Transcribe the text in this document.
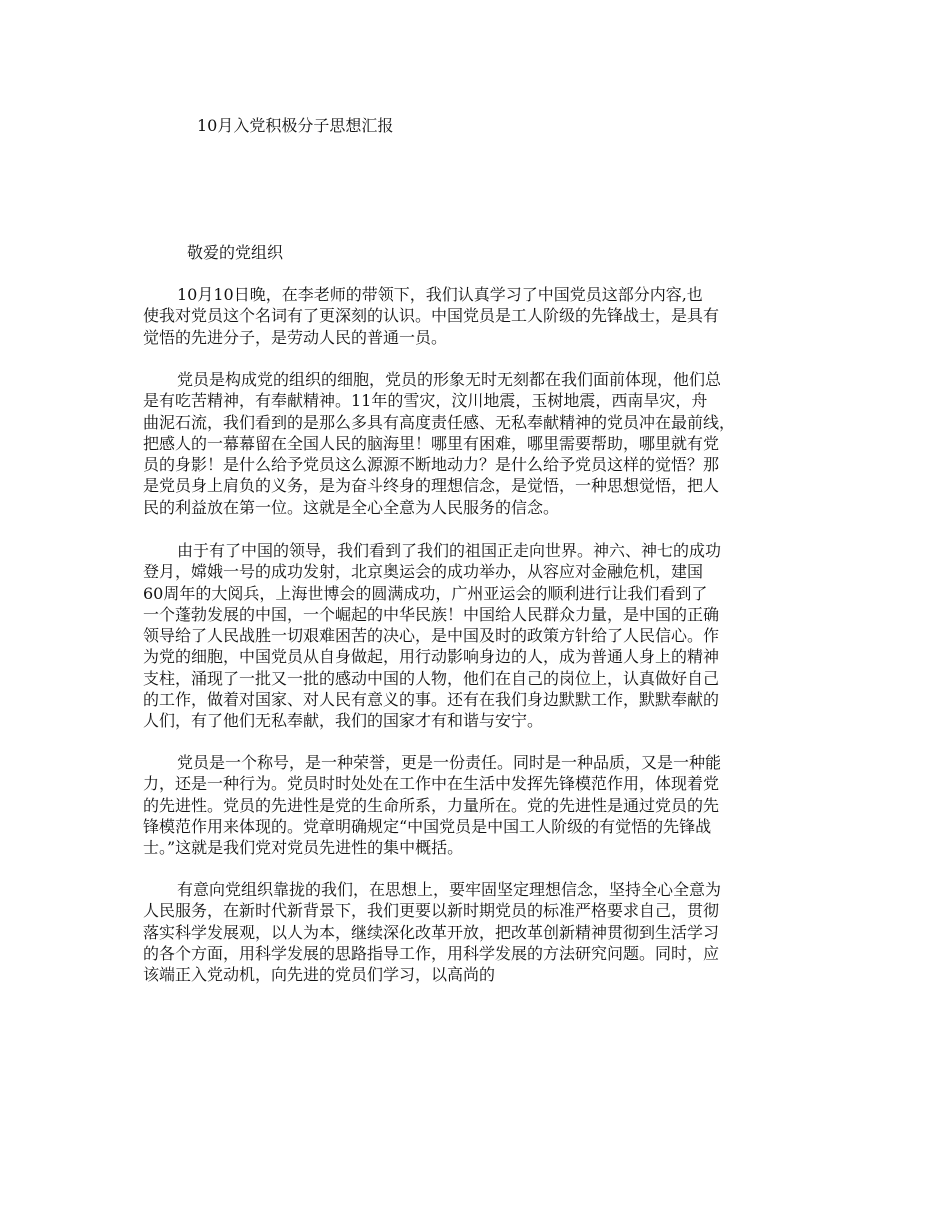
10月入党积极分子思想汇报
敬爱的党组织
10月10日晚，在李老师的带领下，我们认真学习了中国党员这部分内容,也
使我对党员这个名词有了更深刻的认识。中国党员是工人阶级的先锋战士，是具有
觉悟的先进分子，是劳动人民的普通一员。
党员是构成党的组织的细胞，党员的形象无时无刻都在我们面前体现，他们总
是有吃苦精神，有奉献精神。11年的雪灾，汶川地震，玉树地震，西南旱灾，舟
曲泥石流，我们看到的是那么多具有高度责任感、无私奉献精神的党员冲在最前线，
把感人的一幕幕留在全国人民的脑海里！哪里有困难，哪里需要帮助，哪里就有党
员的身影！是什么给予党员这么源源不断地动力？是什么给予党员这样的觉悟？那
是党员身上肩负的义务，是为奋斗终身的理想信念，是觉悟，一种思想觉悟，把人
民的利益放在第一位。这就是全心全意为人民服务的信念。
由于有了中国的领导，我们看到了我们的祖国正走向世界。神六、神七的成功
登月，嫦娥一号的成功发射，北京奥运会的成功举办，从容应对金融危机，建国
60周年的大阅兵，上海世博会的圆满成功，广州亚运会的顺利进行让我们看到了
一个蓬勃发展的中国，一个崛起的中华民族！中国给人民群众力量，是中国的正确
领导给了人民战胜一切艰难困苦的决心，是中国及时的政策方针给了人民信心。作
为党的细胞，中国党员从自身做起，用行动影响身边的人，成为普通人身上的精神
支柱，涌现了一批又一批的感动中国的人物，他们在自己的岗位上，认真做好自己
的工作，做着对国家、对人民有意义的事。还有在我们身边默默工作，默默奉献的
人们，有了他们无私奉献，我们的国家才有和谐与安宁。
党员是一个称号，是一种荣誉，更是一份责任。同时是一种品质，又是一种能
力，还是一种行为。党员时时处处在工作中在生活中发挥先锋模范作用，体现着党
的先进性。党员的先进性是党的生命所系，力量所在。党的先进性是通过党员的先
锋模范作用来体现的。党章明确规定“中国党员是中国工人阶级的有觉悟的先锋战
士。”这就是我们党对党员先进性的集中概括。
有意向党组织靠拢的我们，在思想上，要牢固坚定理想信念，坚持全心全意为
人民服务，在新时代新背景下，我们更要以新时期党员的标准严格要求自己，贯彻
落实科学发展观，以人为本，继续深化改革开放，把改革创新精神贯彻到生活学习
的各个方面，用科学发展的思路指导工作，用科学发展的方法研究问题。同时，应
该端正入党动机，向先进的党员们学习，以高尚的
